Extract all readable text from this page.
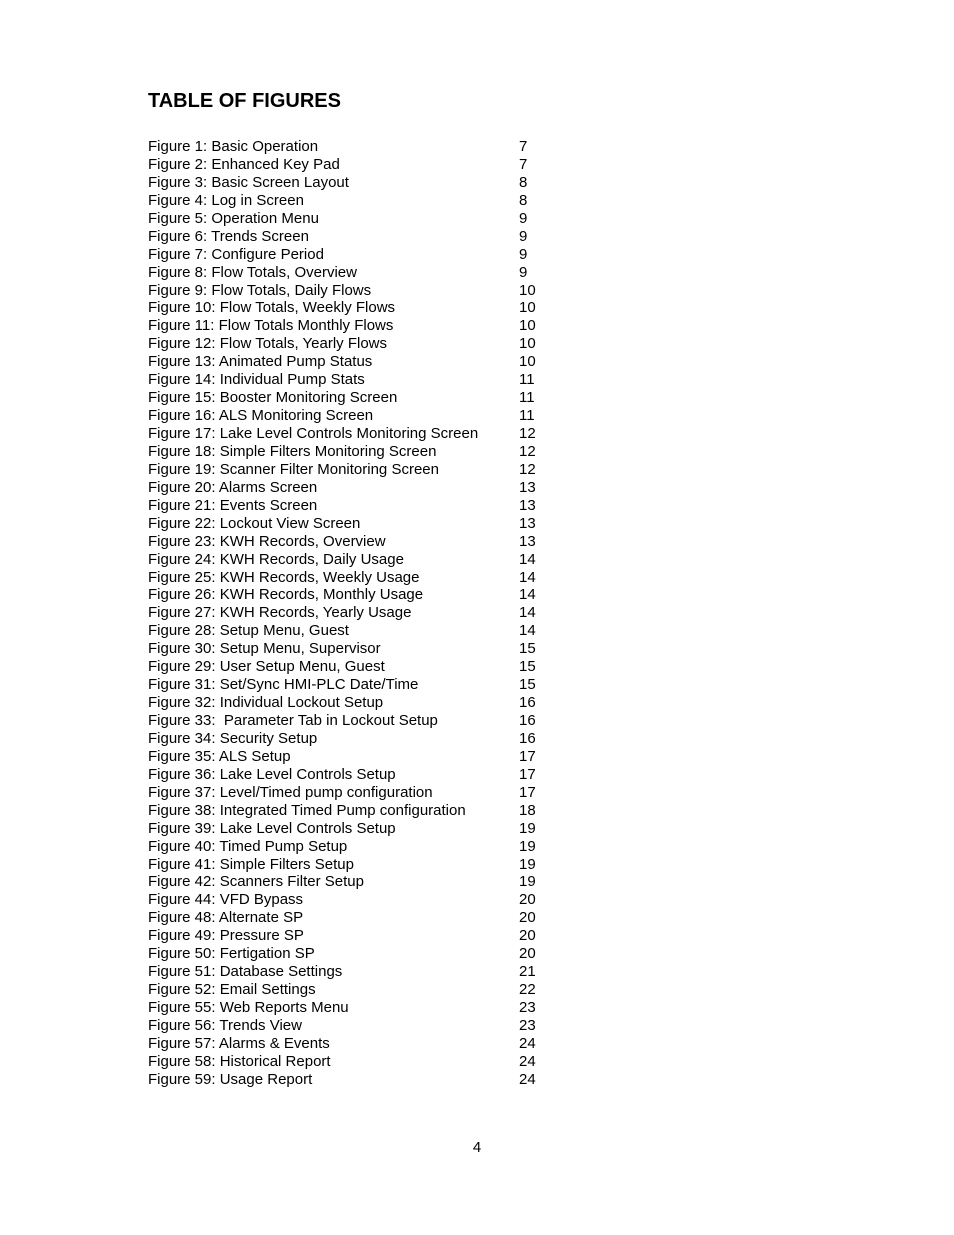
TABLE OF FIGURES
Figure 1: Basic Operation	7
Figure 2: Enhanced Key Pad	7
Figure 3: Basic Screen Layout	8
Figure 4: Log in Screen	8
Figure 5: Operation Menu	9
Figure 6: Trends Screen	9
Figure 7: Configure Period	9
Figure 8: Flow Totals, Overview	9
Figure 9: Flow Totals, Daily Flows	10
Figure 10: Flow Totals, Weekly Flows	10
Figure 11: Flow Totals Monthly Flows	10
Figure 12: Flow Totals, Yearly Flows	10
Figure 13: Animated Pump Status	10
Figure 14: Individual Pump Stats	11
Figure 15: Booster Monitoring Screen	11
Figure 16: ALS Monitoring Screen	11
Figure 17: Lake Level Controls Monitoring Screen	12
Figure 18: Simple Filters Monitoring Screen	12
Figure 19: Scanner Filter Monitoring Screen	12
Figure 20: Alarms Screen	13
Figure 21: Events Screen	13
Figure 22: Lockout View Screen	13
Figure 23: KWH Records, Overview	13
Figure 24: KWH Records, Daily Usage	14
Figure 25: KWH Records, Weekly Usage	14
Figure 26: KWH Records, Monthly Usage	14
Figure 27: KWH Records, Yearly Usage	14
Figure 28: Setup Menu, Guest	14
Figure 30: Setup Menu, Supervisor	15
Figure 29: User Setup Menu, Guest	15
Figure 31: Set/Sync HMI-PLC Date/Time	15
Figure 32: Individual Lockout Setup	16
Figure 33:  Parameter Tab in Lockout Setup	16
Figure 34: Security Setup	16
Figure 35: ALS Setup	17
Figure 36: Lake Level Controls Setup	17
Figure 37: Level/Timed pump configuration	17
Figure 38: Integrated Timed Pump configuration	18
Figure 39: Lake Level Controls Setup	19
Figure 40: Timed Pump Setup	19
Figure 41: Simple Filters Setup	19
Figure 42: Scanners Filter Setup	19
Figure 44: VFD Bypass	20
Figure 48: Alternate SP	20
Figure 49: Pressure SP	20
Figure 50: Fertigation SP	20
Figure 51: Database Settings	21
Figure 52: Email Settings	22
Figure 55: Web Reports Menu	23
Figure 56: Trends View	23
Figure 57: Alarms & Events	24
Figure 58: Historical Report	24
Figure 59: Usage Report	24
4
